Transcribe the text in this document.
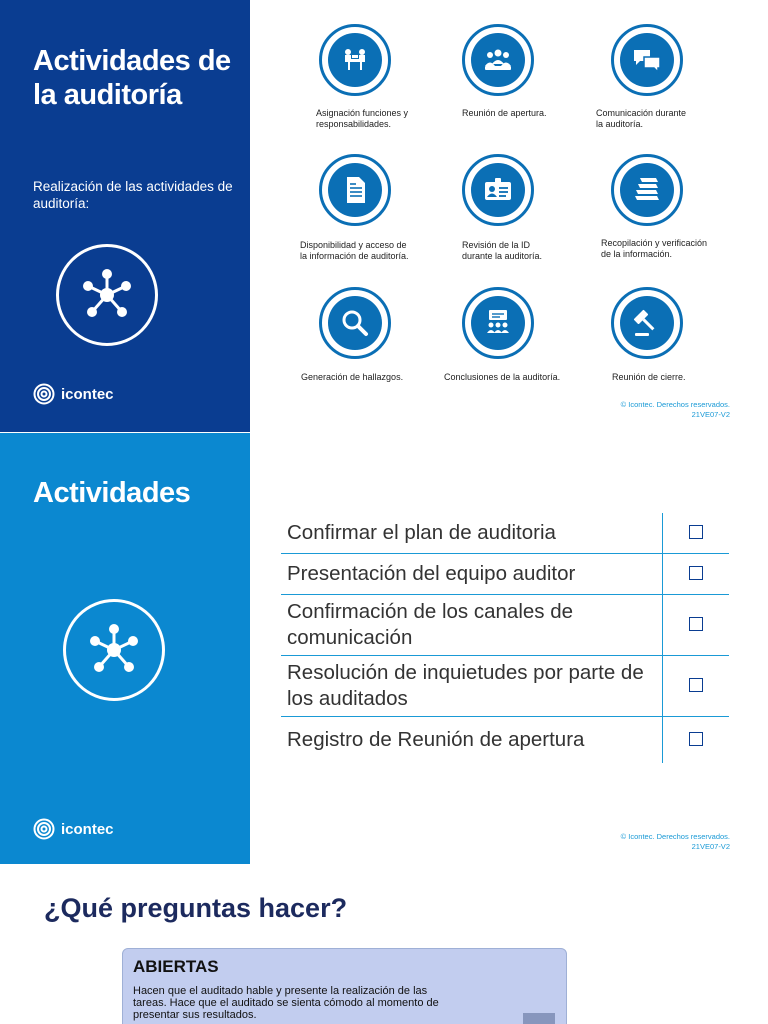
Actividades de la auditoría

Realización de las actividades de auditoría:

icontec
Asignación funciones y
responsabilidades.
Reunión de apertura.	Comunicación durante
la auditoría.
Disponibilidad y acceso de
la información de auditoría.
Revisión de la ID
durante la auditoría.
Recopilación y verificación
de la información.
Generación de hallazgos.	Conclusiones de la auditoría.	Reunión de cierre.
© Icontec. Derechos reservados.
21VE07-V2
Actividades
icontec
Confirmar el plan de auditoria	
Presentación del equipo auditor	
Confirmación de los canales de comunicación	
Resolución de inquietudes por parte de los auditados	
Registro de Reunión de apertura	
© Icontec. Derechos reservados.
21VE07-V2
¿Qué preguntas hacer?
ABIERTAS

Hacen que el auditado hable y presente la realización de las tareas. Hace que el auditado se sienta cómodo al momento de presentar sus resultados.
